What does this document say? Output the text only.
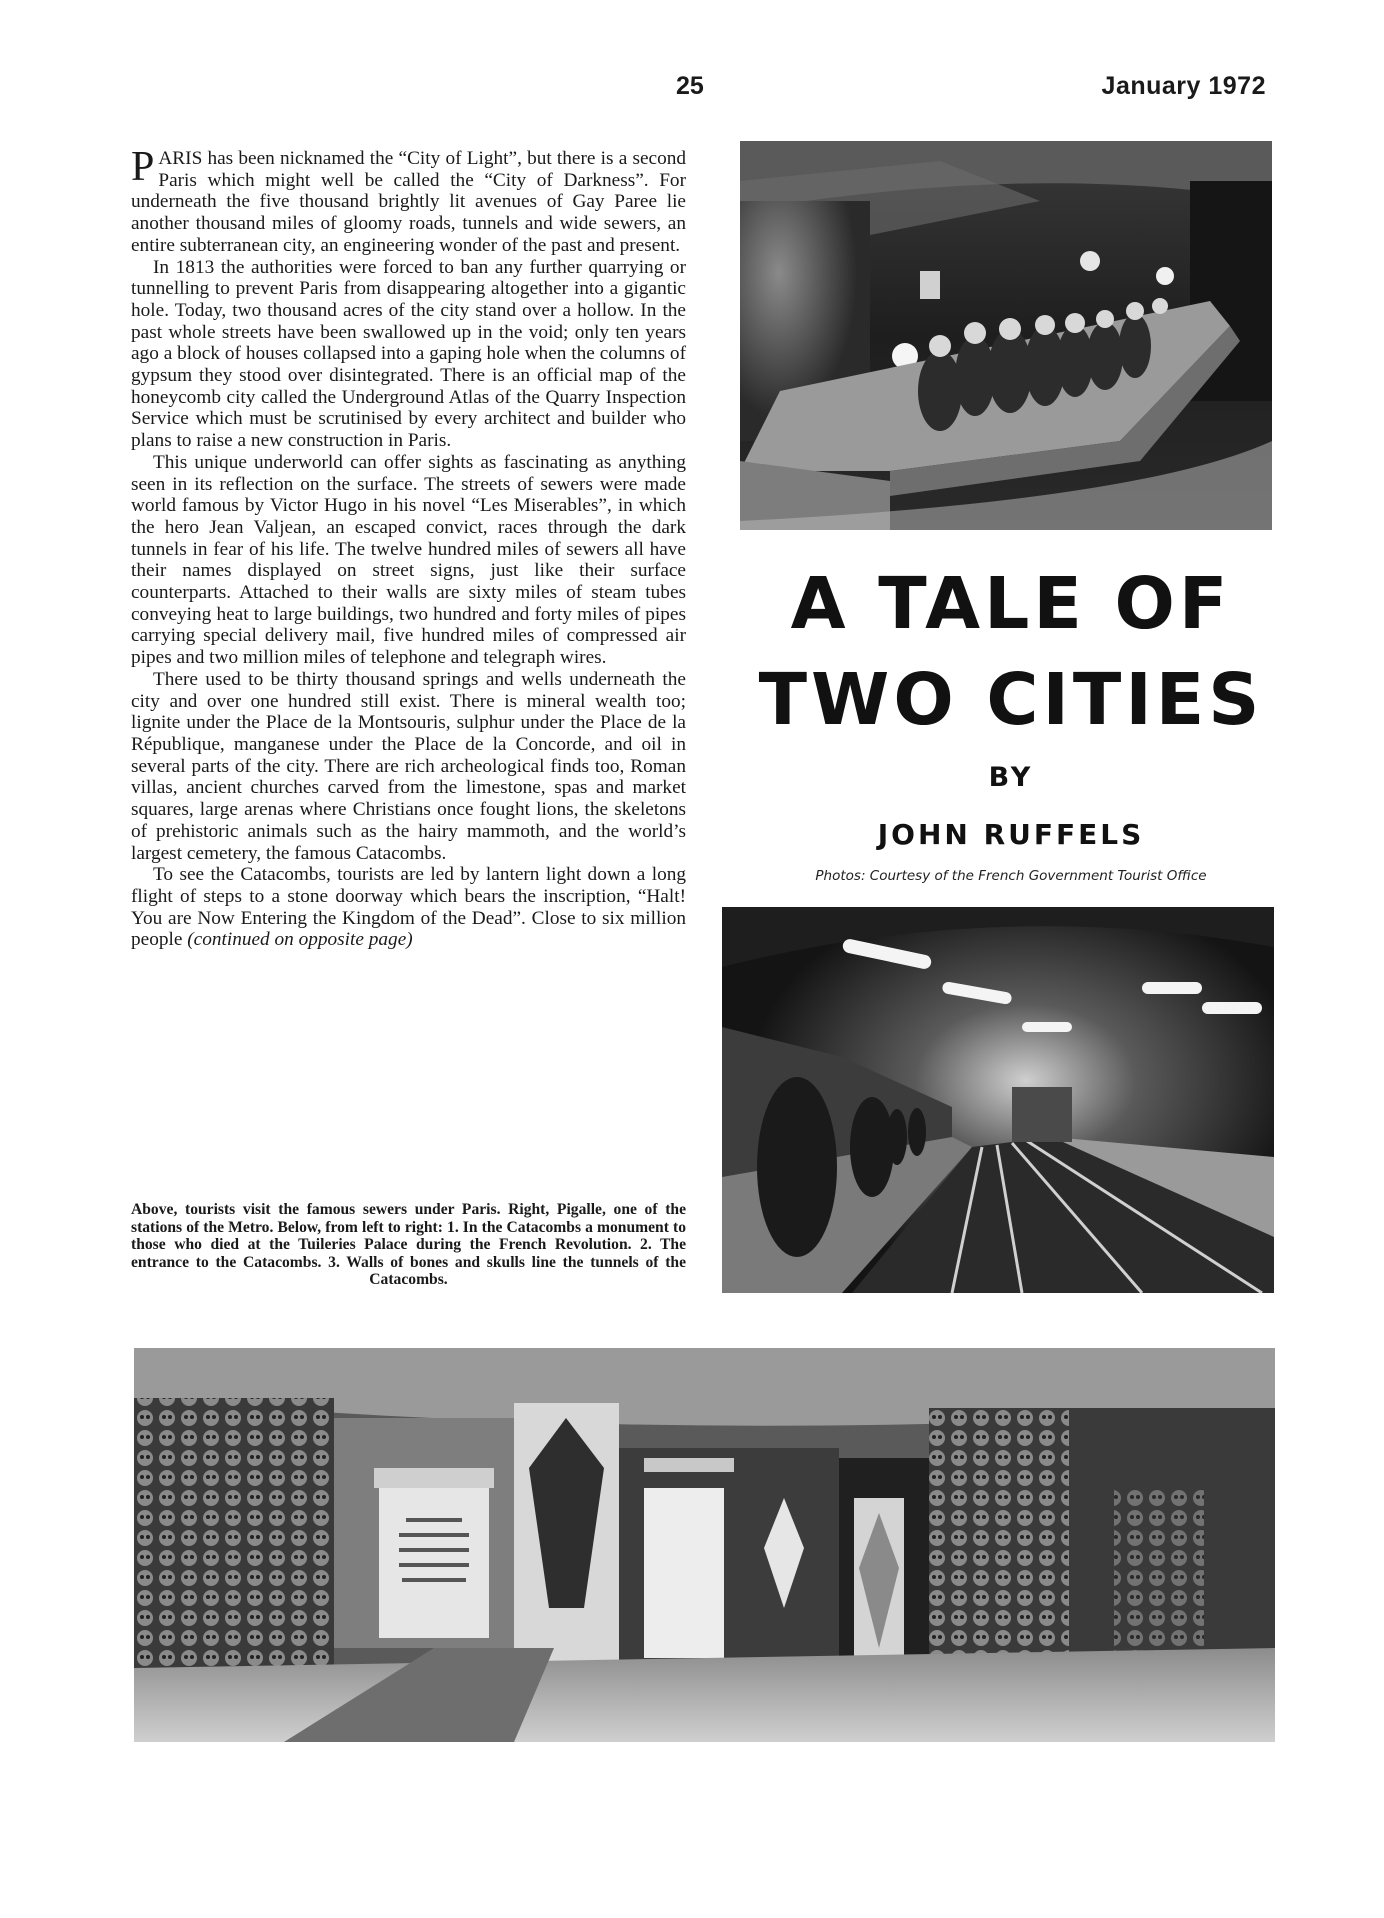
25	January 1972

PARIS has been nicknamed the “City of Light”, but there is a second Paris which might well be called the “City of Darkness”. For underneath the five thousand brightly lit avenues of Gay Paree lie another thousand miles of gloomy roads, tunnels and wide sewers, an entire subterranean city, an engineering wonder of the past and present.

In 1813 the authorities were forced to ban any further quarrying or tunnelling to prevent Paris from disappearing altogether into a gigantic hole. Today, two thousand acres of the city stand over a hollow. In the past whole streets have been swallowed up in the void; only ten years ago a block of houses collapsed into a gaping hole when the columns of gypsum they stood over disintegrated. There is an official map of the honeycomb city called the Underground Atlas of the Quarry Inspection Service which must be scrutinised by every architect and builder who plans to raise a new construction in Paris.

This unique underworld can offer sights as fascinating as anything seen in its reflection on the surface. The streets of sewers were made world famous by Victor Hugo in his novel “Les Miserables”, in which the hero Jean Valjean, an escaped convict, races through the dark tunnels in fear of his life. The twelve hundred miles of sewers all have their names displayed on street signs, just like their surface counterparts. Attached to their walls are sixty miles of steam tubes conveying heat to large buildings, two hundred and forty miles of pipes carrying special delivery mail, five hundred miles of compressed air pipes and two million miles of telephone and telegraph wires.

There used to be thirty thousand springs and wells underneath the city and over one hundred still exist. There is mineral wealth too; lignite under the Place de la Montsouris, sulphur under the Place de la République, manganese under the Place de la Concorde, and oil in several parts of the city. There are rich archeological finds too, Roman villas, ancient churches carved from the limestone, spas and market squares, large arenas where Christians once fought lions, the skeletons of prehistoric animals such as the hairy mammoth, and the world’s largest cemetery, the famous Catacombs.

To see the Catacombs, tourists are led by lantern light down a long flight of steps to a stone doorway which bears the inscription, “Halt! You are Now Entering the Kingdom of the Dead”. Close to six million people (continued on opposite page)

Above, tourists visit the famous sewers under Paris. Right, Pigalle, one of the stations of the Metro. Below, from left to right: 1. In the Catacombs a monument to those who died at the Tuileries Palace during the French Revolution. 2. The entrance to the Catacombs. 3. Walls of bones and skulls line the tunnels of the Catacombs.
A TALE OF
TWO CITIES
BY
JOHN RUFFELS
Photos: Courtesy of the French Government Tourist Office
